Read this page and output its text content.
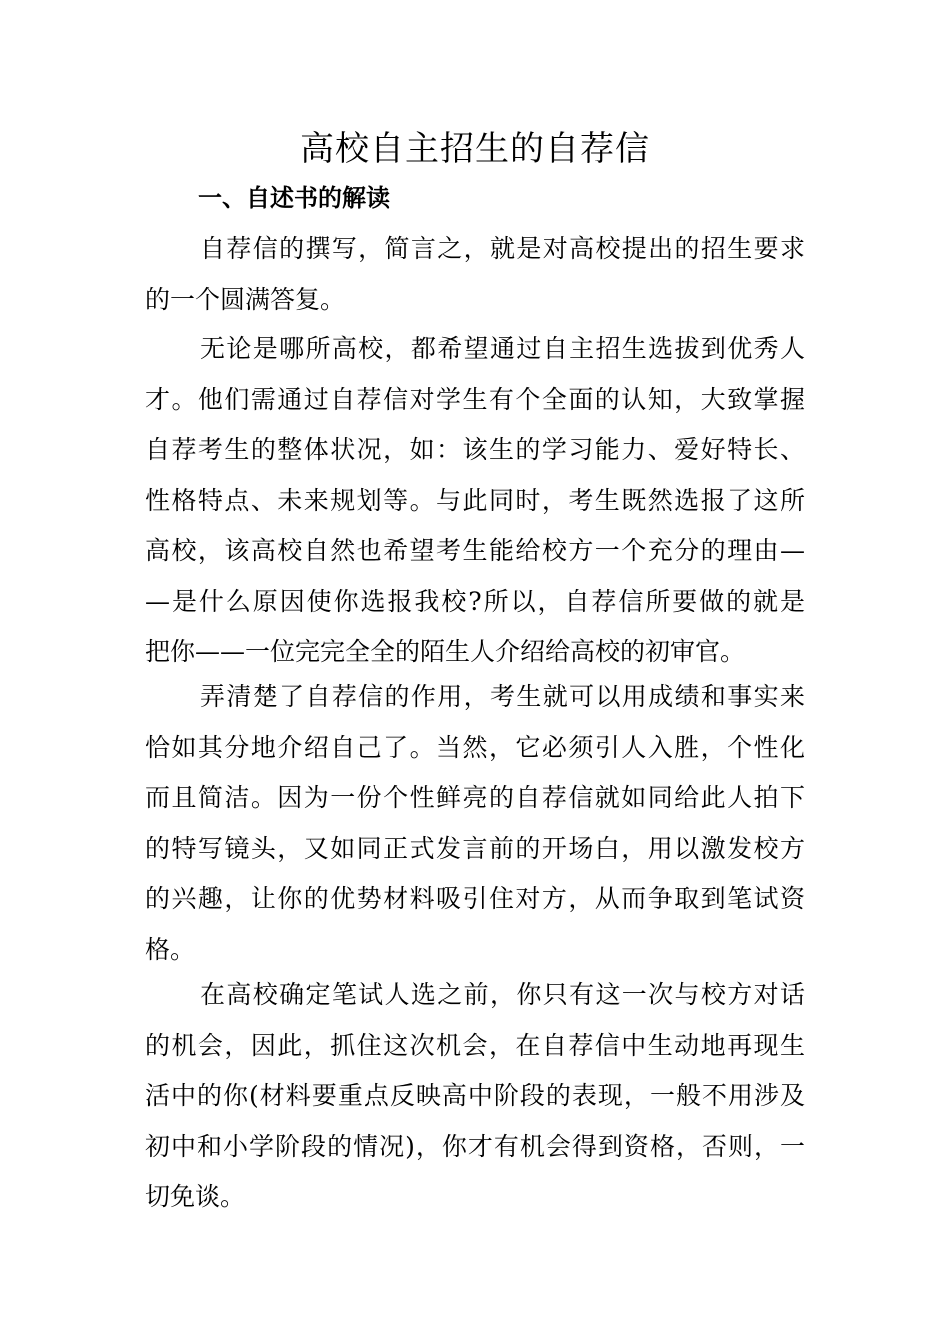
高校自主招生的自荐信
一、自述书的解读

自荐信的撰写，简言之，就是对高校提出的招生要求
的一个圆满答复。

无论是哪所高校，都希望通过自主招生选拔到优秀人
才。他们需通过自荐信对学生有个全面的认知，大致掌握
自荐考生的整体状况，如：该生的学习能力、爱好特长、
性格特点、未来规划等。与此同时，考生既然选报了这所
高校，该高校自然也希望考生能给校方一个充分的理由—
—是什么原因使你选报我校?所以，自荐信所要做的就是
把你——一位完完全全的陌生人介绍给高校的初审官。

弄清楚了自荐信的作用，考生就可以用成绩和事实来
恰如其分地介绍自己了。当然，它必须引人入胜，个性化
而且简洁。因为一份个性鲜亮的自荐信就如同给此人拍下
的特写镜头，又如同正式发言前的开场白，用以激发校方
的兴趣，让你的优势材料吸引住对方，从而争取到笔试资
格。

在高校确定笔试人选之前，你只有这一次与校方对话
的机会，因此，抓住这次机会，在自荐信中生动地再现生
活中的你(材料要重点反映高中阶段的表现，一般不用涉及
初中和小学阶段的情况)，你才有机会得到资格，否则，一
切免谈。
